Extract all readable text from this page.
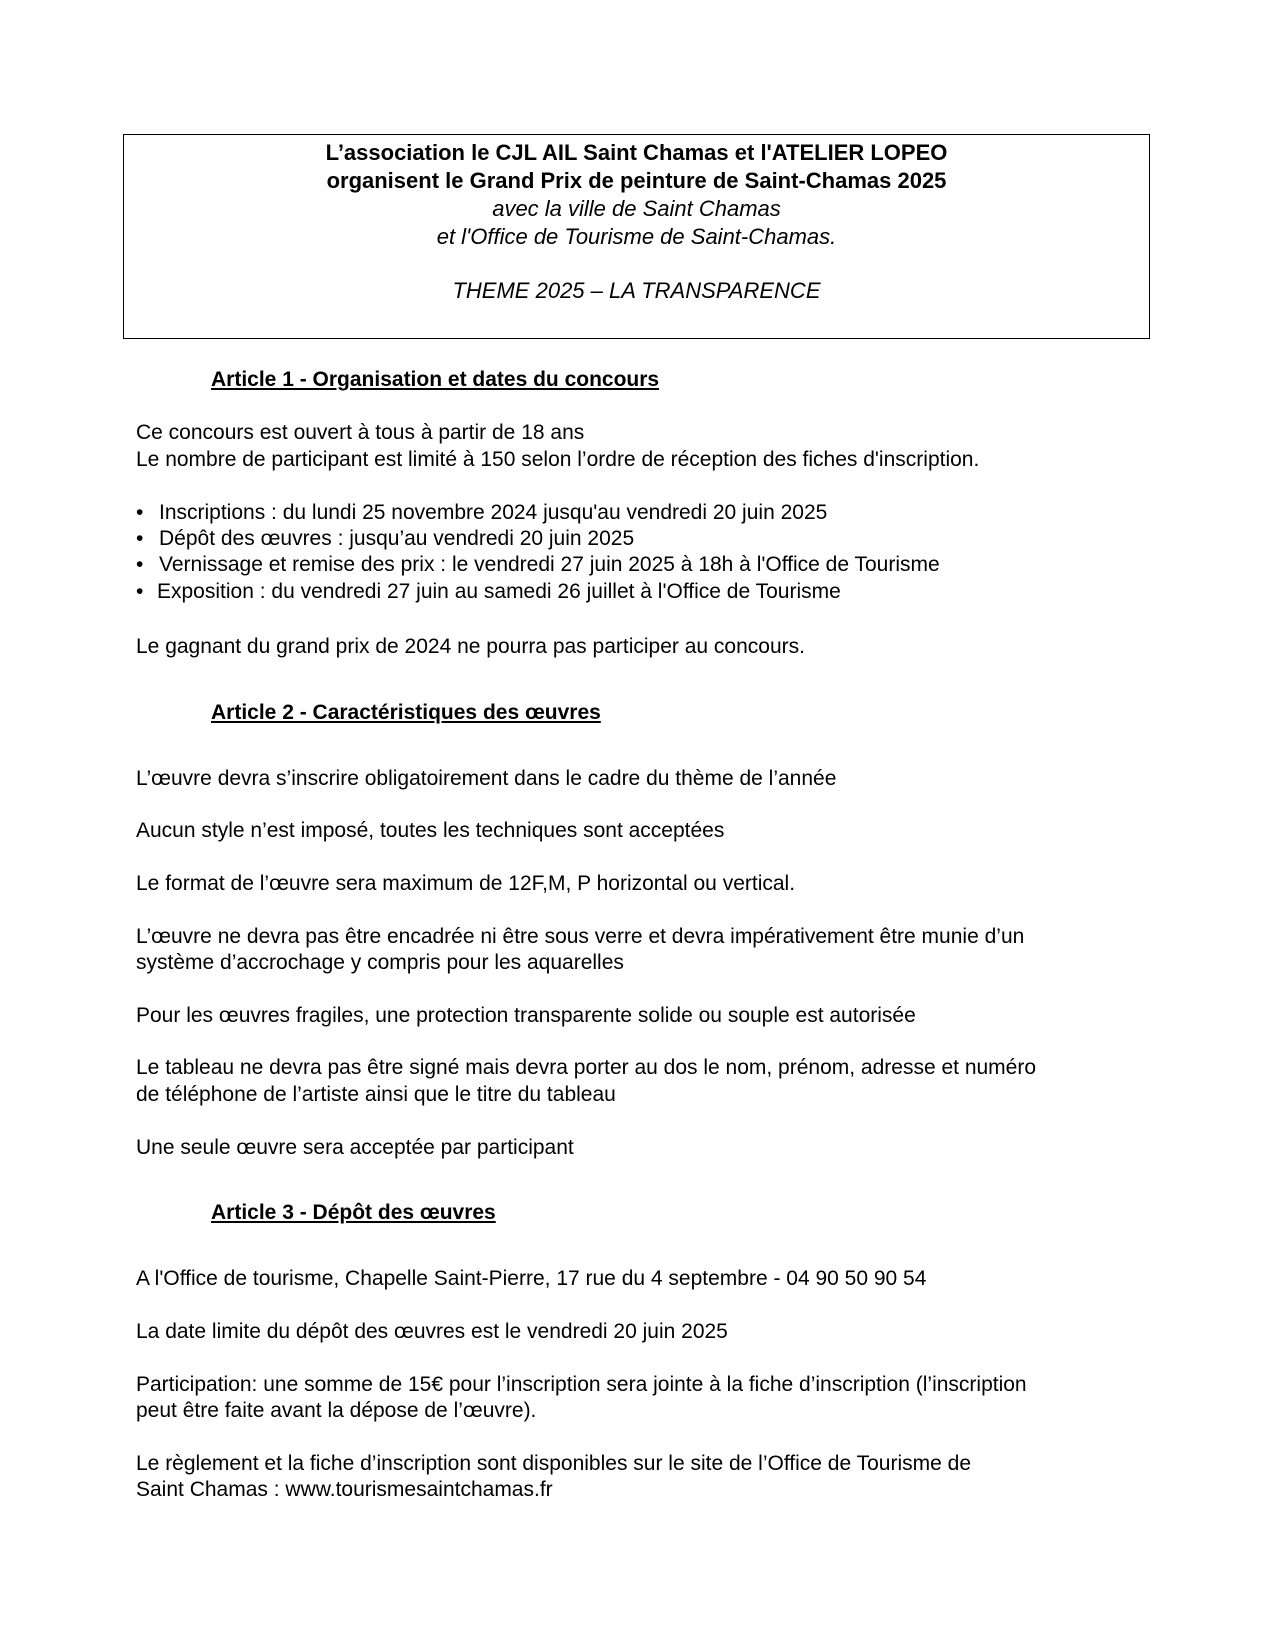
L’association le CJL AIL Saint Chamas et l'ATELIER LOPEO
organisent le Grand Prix de peinture de Saint-Chamas 2025
avec la ville de Saint Chamas
et l'Office de Tourisme de Saint-Chamas.
THEME 2025 – LA TRANSPARENCE
Article 1 - Organisation et dates du concours
Ce concours est ouvert à tous à partir de 18 ans
Le nombre de participant est limité à 150 selon l’ordre de réception des fiches d'inscription.
• Inscriptions : du lundi 25 novembre 2024 jusqu'au vendredi 20 juin 2025
• Dépôt des œuvres : jusqu’au vendredi 20 juin 2025
• Vernissage et remise des prix : le vendredi 27 juin 2025 à 18h à l'Office de Tourisme
• Exposition : du vendredi 27 juin au samedi 26 juillet à l'Office de Tourisme
Le gagnant du grand prix de 2024 ne pourra pas participer au concours.
Article 2 - Caractéristiques des œuvres
L’œuvre devra s’inscrire obligatoirement dans le cadre du thème de l’année
Aucun style n’est imposé, toutes les techniques sont acceptées
Le format de l’œuvre sera maximum de 12F,M, P horizontal ou vertical.
L’œuvre ne devra pas être encadrée ni être sous verre et devra impérativement être munie d’un
système d’accrochage y compris pour les aquarelles
Pour les œuvres fragiles, une protection transparente solide ou souple est autorisée
Le tableau ne devra pas être signé mais devra porter au dos le nom, prénom, adresse et numéro
de téléphone de l’artiste ainsi que le titre du tableau
Une seule œuvre sera acceptée par participant
Article 3 - Dépôt des œuvres
A l'Office de tourisme, Chapelle Saint-Pierre, 17 rue du 4 septembre - 04 90 50 90 54
La date limite du dépôt des œuvres est le vendredi 20 juin 2025
Participation: une somme de 15€ pour l’inscription sera jointe à la fiche d’inscription (l’inscription
peut être faite avant la dépose de l’œuvre).
Le règlement et la fiche d’inscription sont disponibles sur le site de l’Office de Tourisme de
Saint Chamas : www.tourismesaintchamas.fr
